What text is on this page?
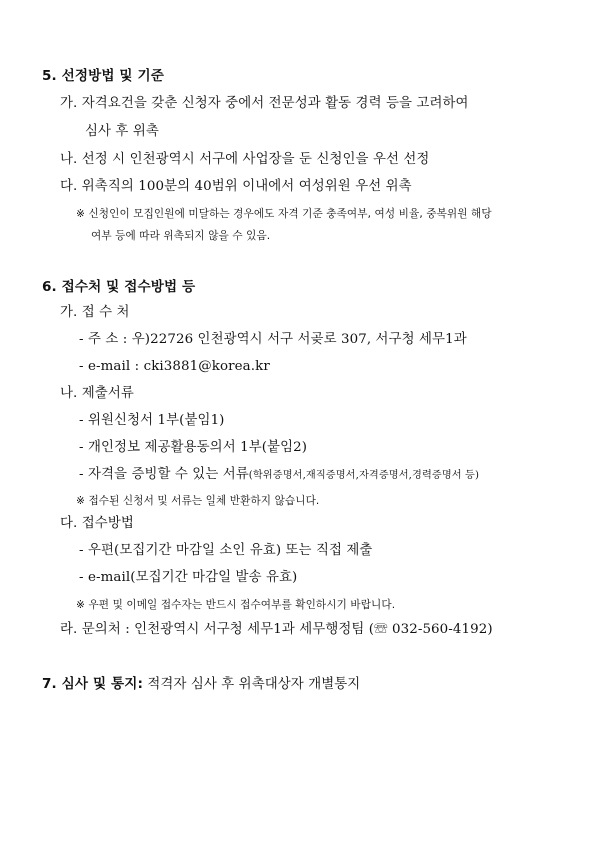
5. 선정방법 및 기준
가. 자격요건을 갖춘 신청자 중에서 전문성과 활동 경력 등을 고려하여
심사 후 위촉
나. 선정 시 인천광역시 서구에 사업장을 둔 신청인을 우선 선정
다. 위촉직의 100분의 40범위 이내에서 여성위원 우선 위촉
※ 신청인이 모집인원에 미달하는 경우에도 자격 기준 충족여부, 여성 비율, 중복위원 해당
여부 등에 따라 위촉되지 않을 수 있음.
6. 접수처 및 접수방법 등
가. 접 수 처
- 주 소 : 우)22726 인천광역시 서구 서곶로 307, 서구청 세무1과
- e-mail : cki3881@korea.kr
나. 제출서류
- 위원신청서 1부(붙임1)
- 개인정보 제공활용동의서 1부(붙임2)
- 자격을 증빙할 수 있는 서류(학위증명서,재직증명서,자격증명서,경력증명서 등)
※ 접수된 신청서 및 서류는 일체 반환하지 않습니다.
다. 접수방법
- 우편(모집기간 마감일 소인 유효) 또는 직접 제출
- e-mail(모집기간 마감일 발송 유효)
※ 우편 및 이메일 접수자는 반드시 접수여부를 확인하시기 바랍니다.
라. 문의처 : 인천광역시 서구청 세무1과 세무행정팀 (☏ 032-560-4192)
7. 심사 및 통지: 적격자 심사 후 위촉대상자 개별통지
